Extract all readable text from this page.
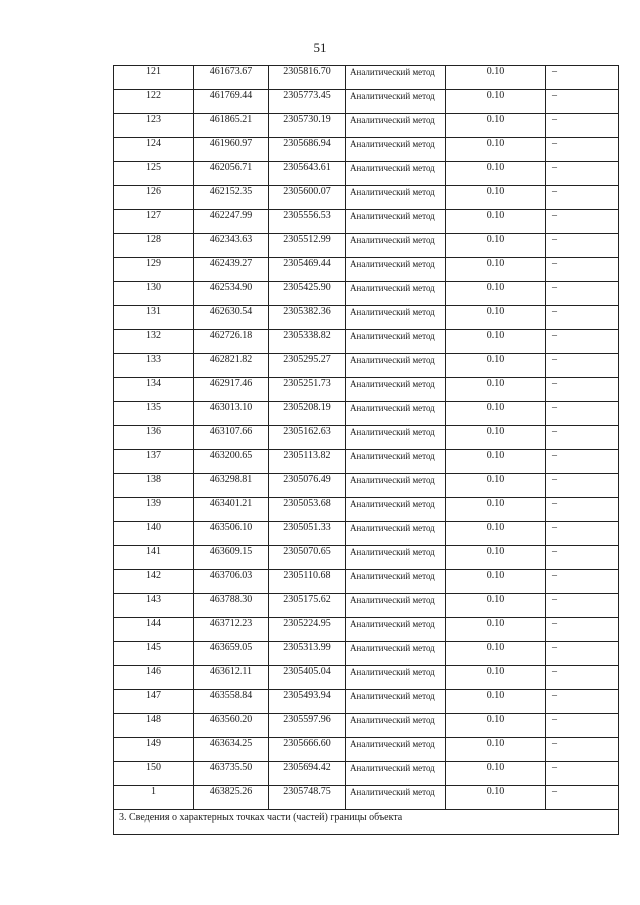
51
121	461673.67	2305816.70	Аналитический метод	0.10	–
122	461769.44	2305773.45	Аналитический метод	0.10	–
123	461865.21	2305730.19	Аналитический метод	0.10	–
124	461960.97	2305686.94	Аналитический метод	0.10	–
125	462056.71	2305643.61	Аналитический метод	0.10	–
126	462152.35	2305600.07	Аналитический метод	0.10	–
127	462247.99	2305556.53	Аналитический метод	0.10	–
128	462343.63	2305512.99	Аналитический метод	0.10	–
129	462439.27	2305469.44	Аналитический метод	0.10	–
130	462534.90	2305425.90	Аналитический метод	0.10	–
131	462630.54	2305382.36	Аналитический метод	0.10	–
132	462726.18	2305338.82	Аналитический метод	0.10	–
133	462821.82	2305295.27	Аналитический метод	0.10	–
134	462917.46	2305251.73	Аналитический метод	0.10	–
135	463013.10	2305208.19	Аналитический метод	0.10	–
136	463107.66	2305162.63	Аналитический метод	0.10	–
137	463200.65	2305113.82	Аналитический метод	0.10	–
138	463298.81	2305076.49	Аналитический метод	0.10	–
139	463401.21	2305053.68	Аналитический метод	0.10	–
140	463506.10	2305051.33	Аналитический метод	0.10	–
141	463609.15	2305070.65	Аналитический метод	0.10	–
142	463706.03	2305110.68	Аналитический метод	0.10	–
143	463788.30	2305175.62	Аналитический метод	0.10	–
144	463712.23	2305224.95	Аналитический метод	0.10	–
145	463659.05	2305313.99	Аналитический метод	0.10	–
146	463612.11	2305405.04	Аналитический метод	0.10	–
147	463558.84	2305493.94	Аналитический метод	0.10	–
148	463560.20	2305597.96	Аналитический метод	0.10	–
149	463634.25	2305666.60	Аналитический метод	0.10	–
150	463735.50	2305694.42	Аналитический метод	0.10	–
1	463825.26	2305748.75	Аналитический метод	0.10	–
3. Сведения о характерных точках части (частей) границы объекта					
